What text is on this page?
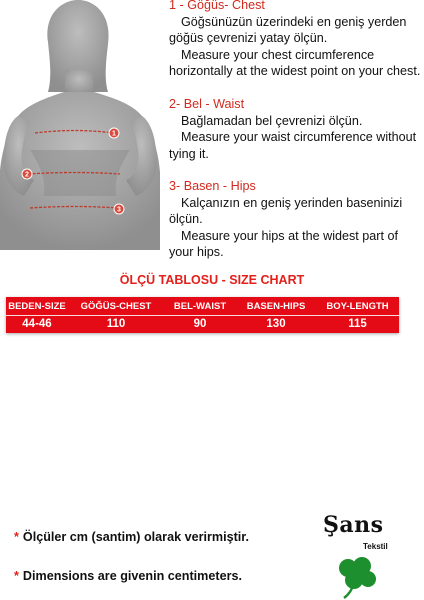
1
2
3
1 - Göğüs- Chest
Göğsünüzün üzerindeki en geniş yerden göğüs çevrenizi yatay ölçün.
Measure your chest circumference horizontally at the widest point on your chest.
2- Bel - Waist
Bağlamadan bel çevrenizi ölçün.
Measure your waist circumference without tying it.
3- Basen - Hips
Kalçanızın en geniş yerinden baseninizi ölçün.
Measure your hips at the widest part of your hips.
ÖLÇÜ TABLOSU - SIZE CHART
BEDEN-SIZE	GÖĞÜS-CHEST	BEL-WAIST	BASEN-HIPS	BOY-LENGTH
44-46	110	90	130	115
* Ölçüler cm (santim) olarak verirmiştir.
* Dimensions are givenin centimeters.
Şans
Tekstil
